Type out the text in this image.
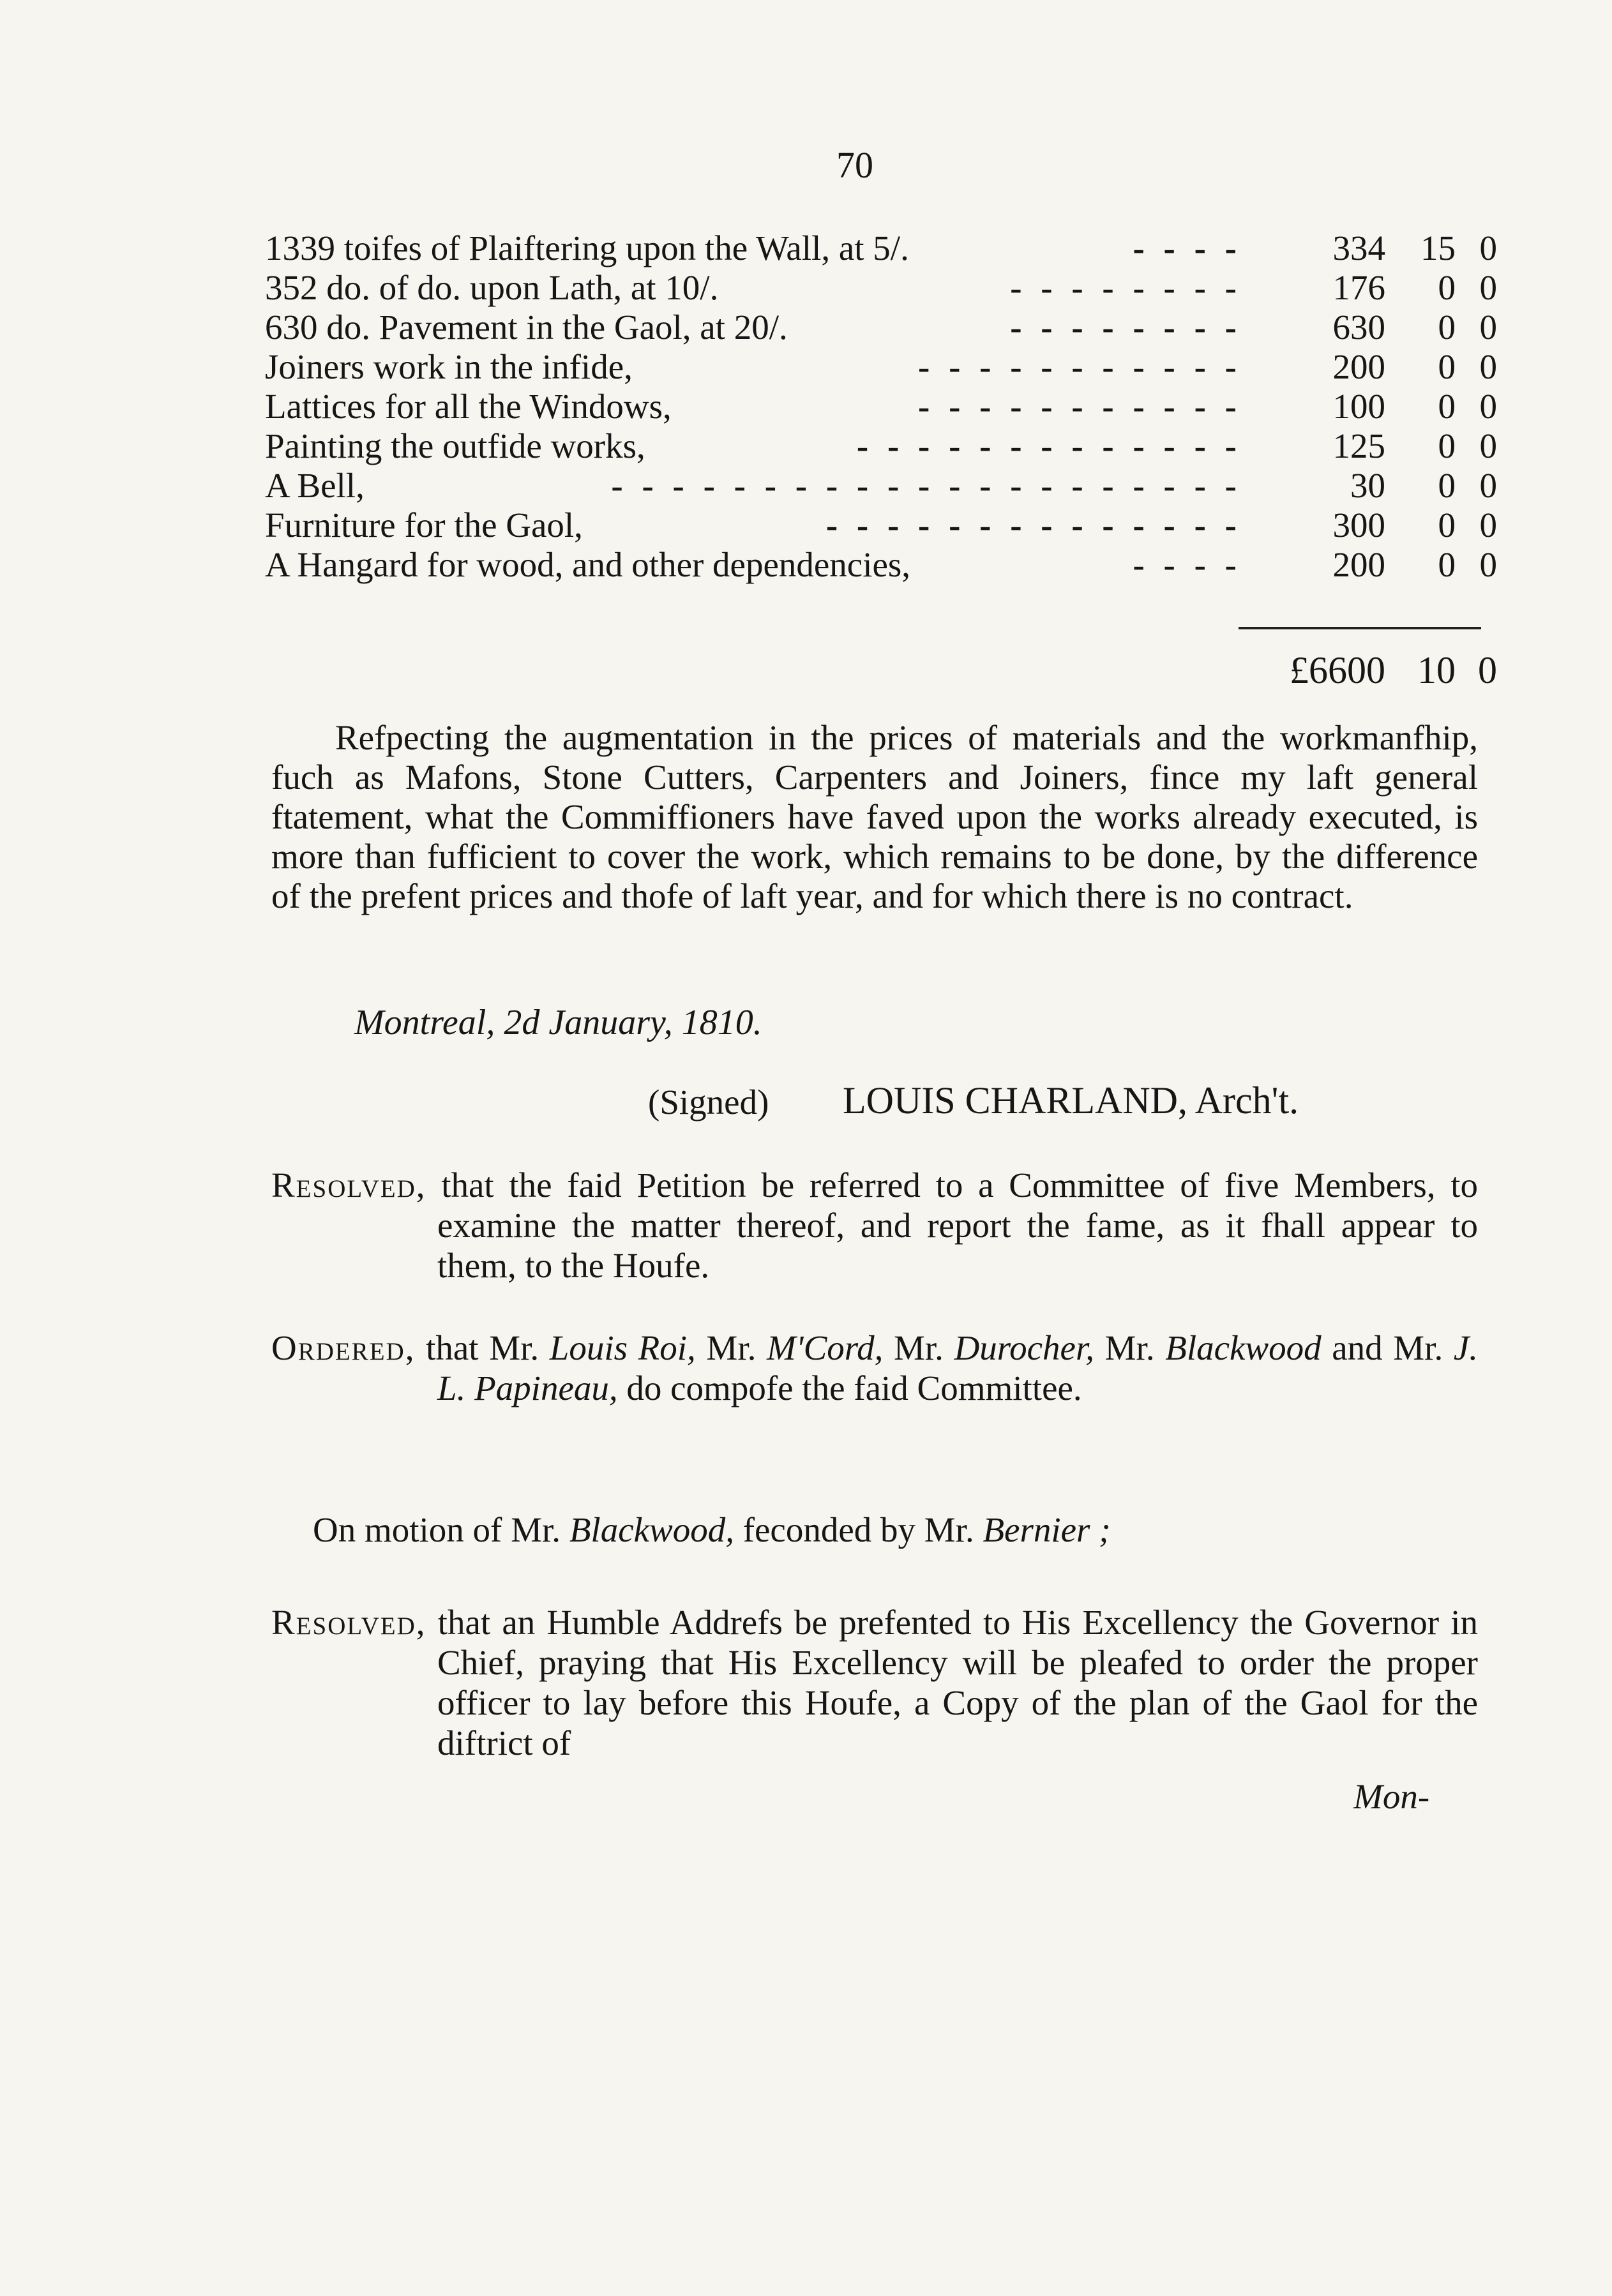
70
1339 toifes of Plaiftering upon the Wall, at 5/.	- - - -	334	15 0
352 do. of do. upon Lath, at 10/.	- - - - - - - -	176	0 0
630 do. Pavement in the Gaol, at 20/.	- - - - - - - -	630	0 0
Joiners work in the infide,	- - - - - - - - - - -	200	0 0
Lattices for all the Windows,	- - - - - - - - - - -	100	0 0
Painting the outfide works,	- - - - - - - - - - - - -	125	0 0
A Bell,	- - - - - - - - - - - - - - - - - - - - -	30	0 0
Furniture for the Gaol,	- - - - - - - - - - - - - -	300	0 0
A Hangard for wood, and other dependencies,	- - - -	200	0 0
£6600 10 0
Refpecting the augmentation in the prices of materials and the workmanfhip, fuch as Mafons, Stone Cutters, Carpenters and Joiners, fince my laft general ftatement, what the Commiffioners have faved upon the works already executed, is more than fufficient to cover the work, which remains to be done, by the difference of the prefent prices and thofe of laft year, and for which there is no contract.
Montreal, 2d January, 1810.
(Signed) LOUIS CHARLAND, Arch't.
Resolved, that the faid Petition be referred to a Committee of five Members, to examine the matter thereof, and report the fame, as it fhall appear to them, to the Houfe.
Ordered, that Mr. Louis Roi, Mr. M'Cord, Mr. Durocher, Mr. Blackwood and Mr. J. L. Papineau, do compofe the faid Committee.
On motion of Mr. Blackwood, feconded by Mr. Bernier ;
Resolved, that an Humble Addrefs be prefented to His Excellency the Governor in Chief, praying that His Excellency will be pleafed to order the proper officer to lay before this Houfe, a Copy of the plan of the Gaol for the diftrict of
Mon-
